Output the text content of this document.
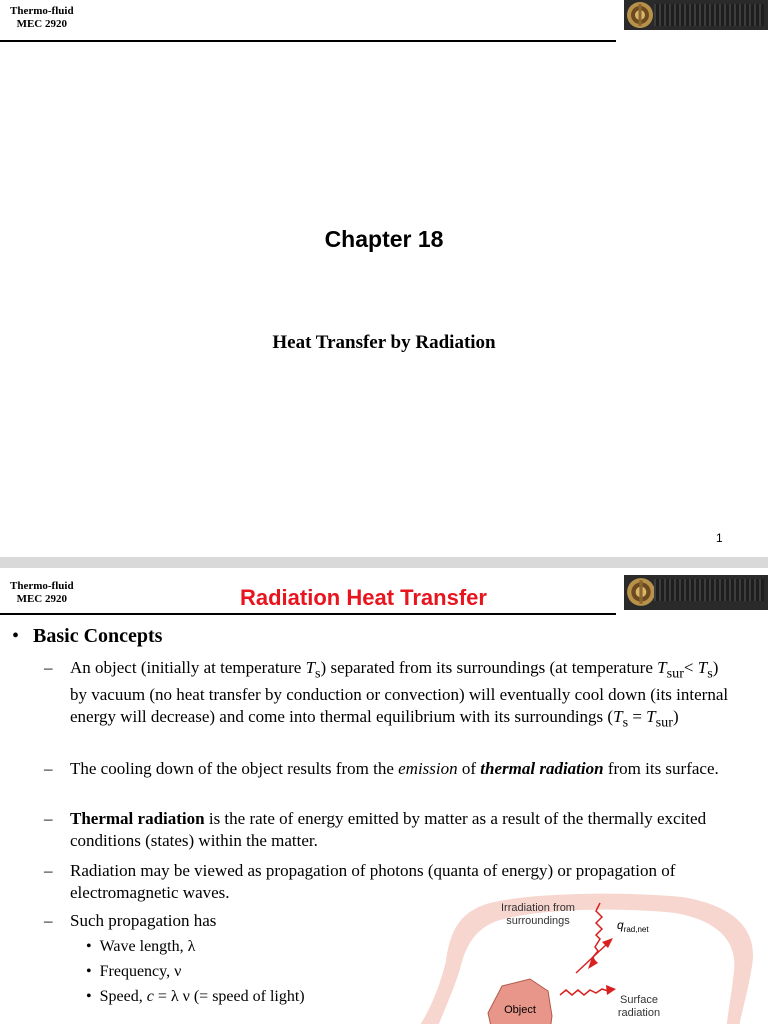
Thermo-fluid
MEC 2920
Chapter 18
Heat Transfer by Radiation
1
Thermo-fluid
MEC 2920	Radiation Heat Transfer
• Basic Concepts
– An object (initially at temperature $T_s$) separated from its surroundings (at temperature $T_{sur}< T_s$) by vacuum (no heat transfer by conduction or convection) will eventually cool down (its internal energy will decrease) and come into thermal equilibrium with its surroundings $(T_s = T_{sur})$
– The cooling down of the object results from the emission of thermal radiation from its surface.
– Thermal radiation is the rate of energy emitted by matter as a result of the thermally excited conditions (states) within the matter.
– Radiation may be viewed as propagation of photons (quanta of energy) or propagation of electromagnetic waves.
– Such propagation has
• Wave length, λ
• Frequency, ν
• Speed, c = λ ν (= speed of light)
Object
Irradiation from
surroundings	$q_{rad,net}$
Surface
radiation
